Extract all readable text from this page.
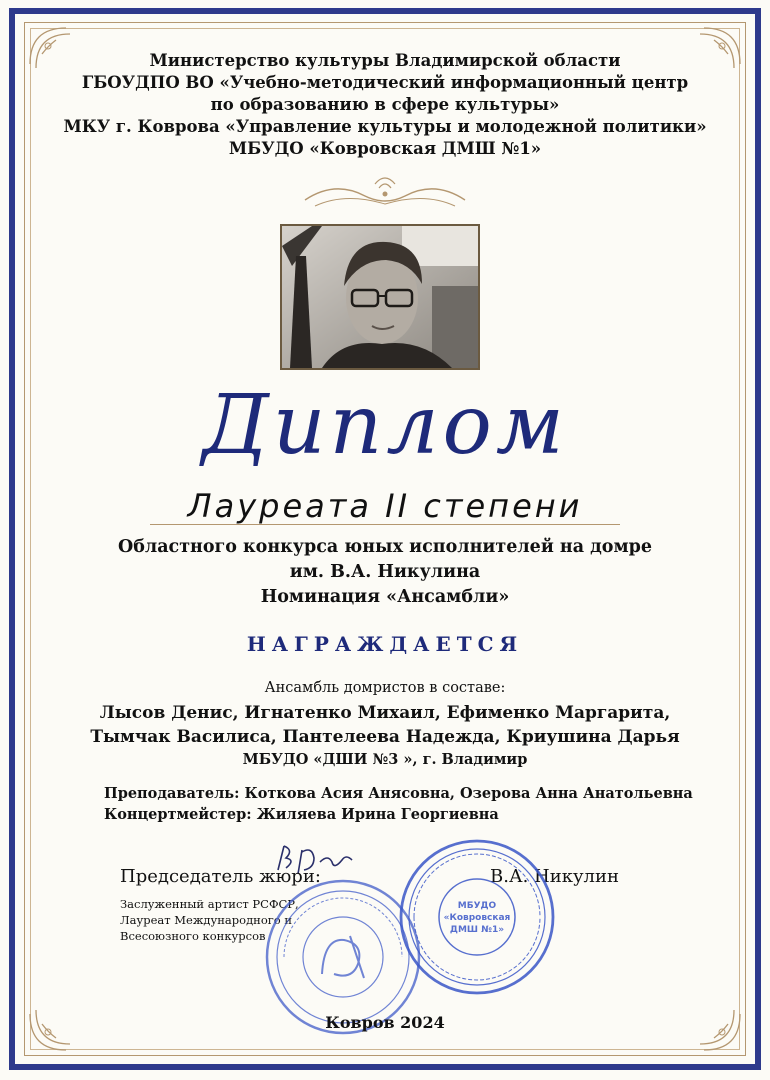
Министерство культуры Владимирской области
ГБОУДПО ВО «Учебно-методический информационный центр
по образованию в сфере культуры»
МКУ г. Коврова «Управление культуры и молодежной политики»
МБУДО «Ковровская ДМШ №1»
Диплом
Лауреата II степени
Областного конкурса юных исполнителей на домре
им. В.А. Никулина
Номинация «Ансамбли»
НАГРАЖДАЕТСЯ
Ансамбль домристов в составе:
Лысов Денис, Игнатенко Михаил, Ефименко Маргарита,
Тымчак Василиса, Пантелеева Надежда, Криушина Дарья
МБУДО «ДШИ №3 », г. Владимир
Преподаватель: Коткова Асия Анясовна, Озерова Анна Анатольевна
Концертмейстер: Жиляева Ирина Георгиевна
Председатель жюри:	В.А. Никулин
Заслуженный артист РСФСР,
Лауреат Международного и
Всесоюзного конкурсов
МБУДО
«Ковровская
ДМШ №1»
Ковров 2024
